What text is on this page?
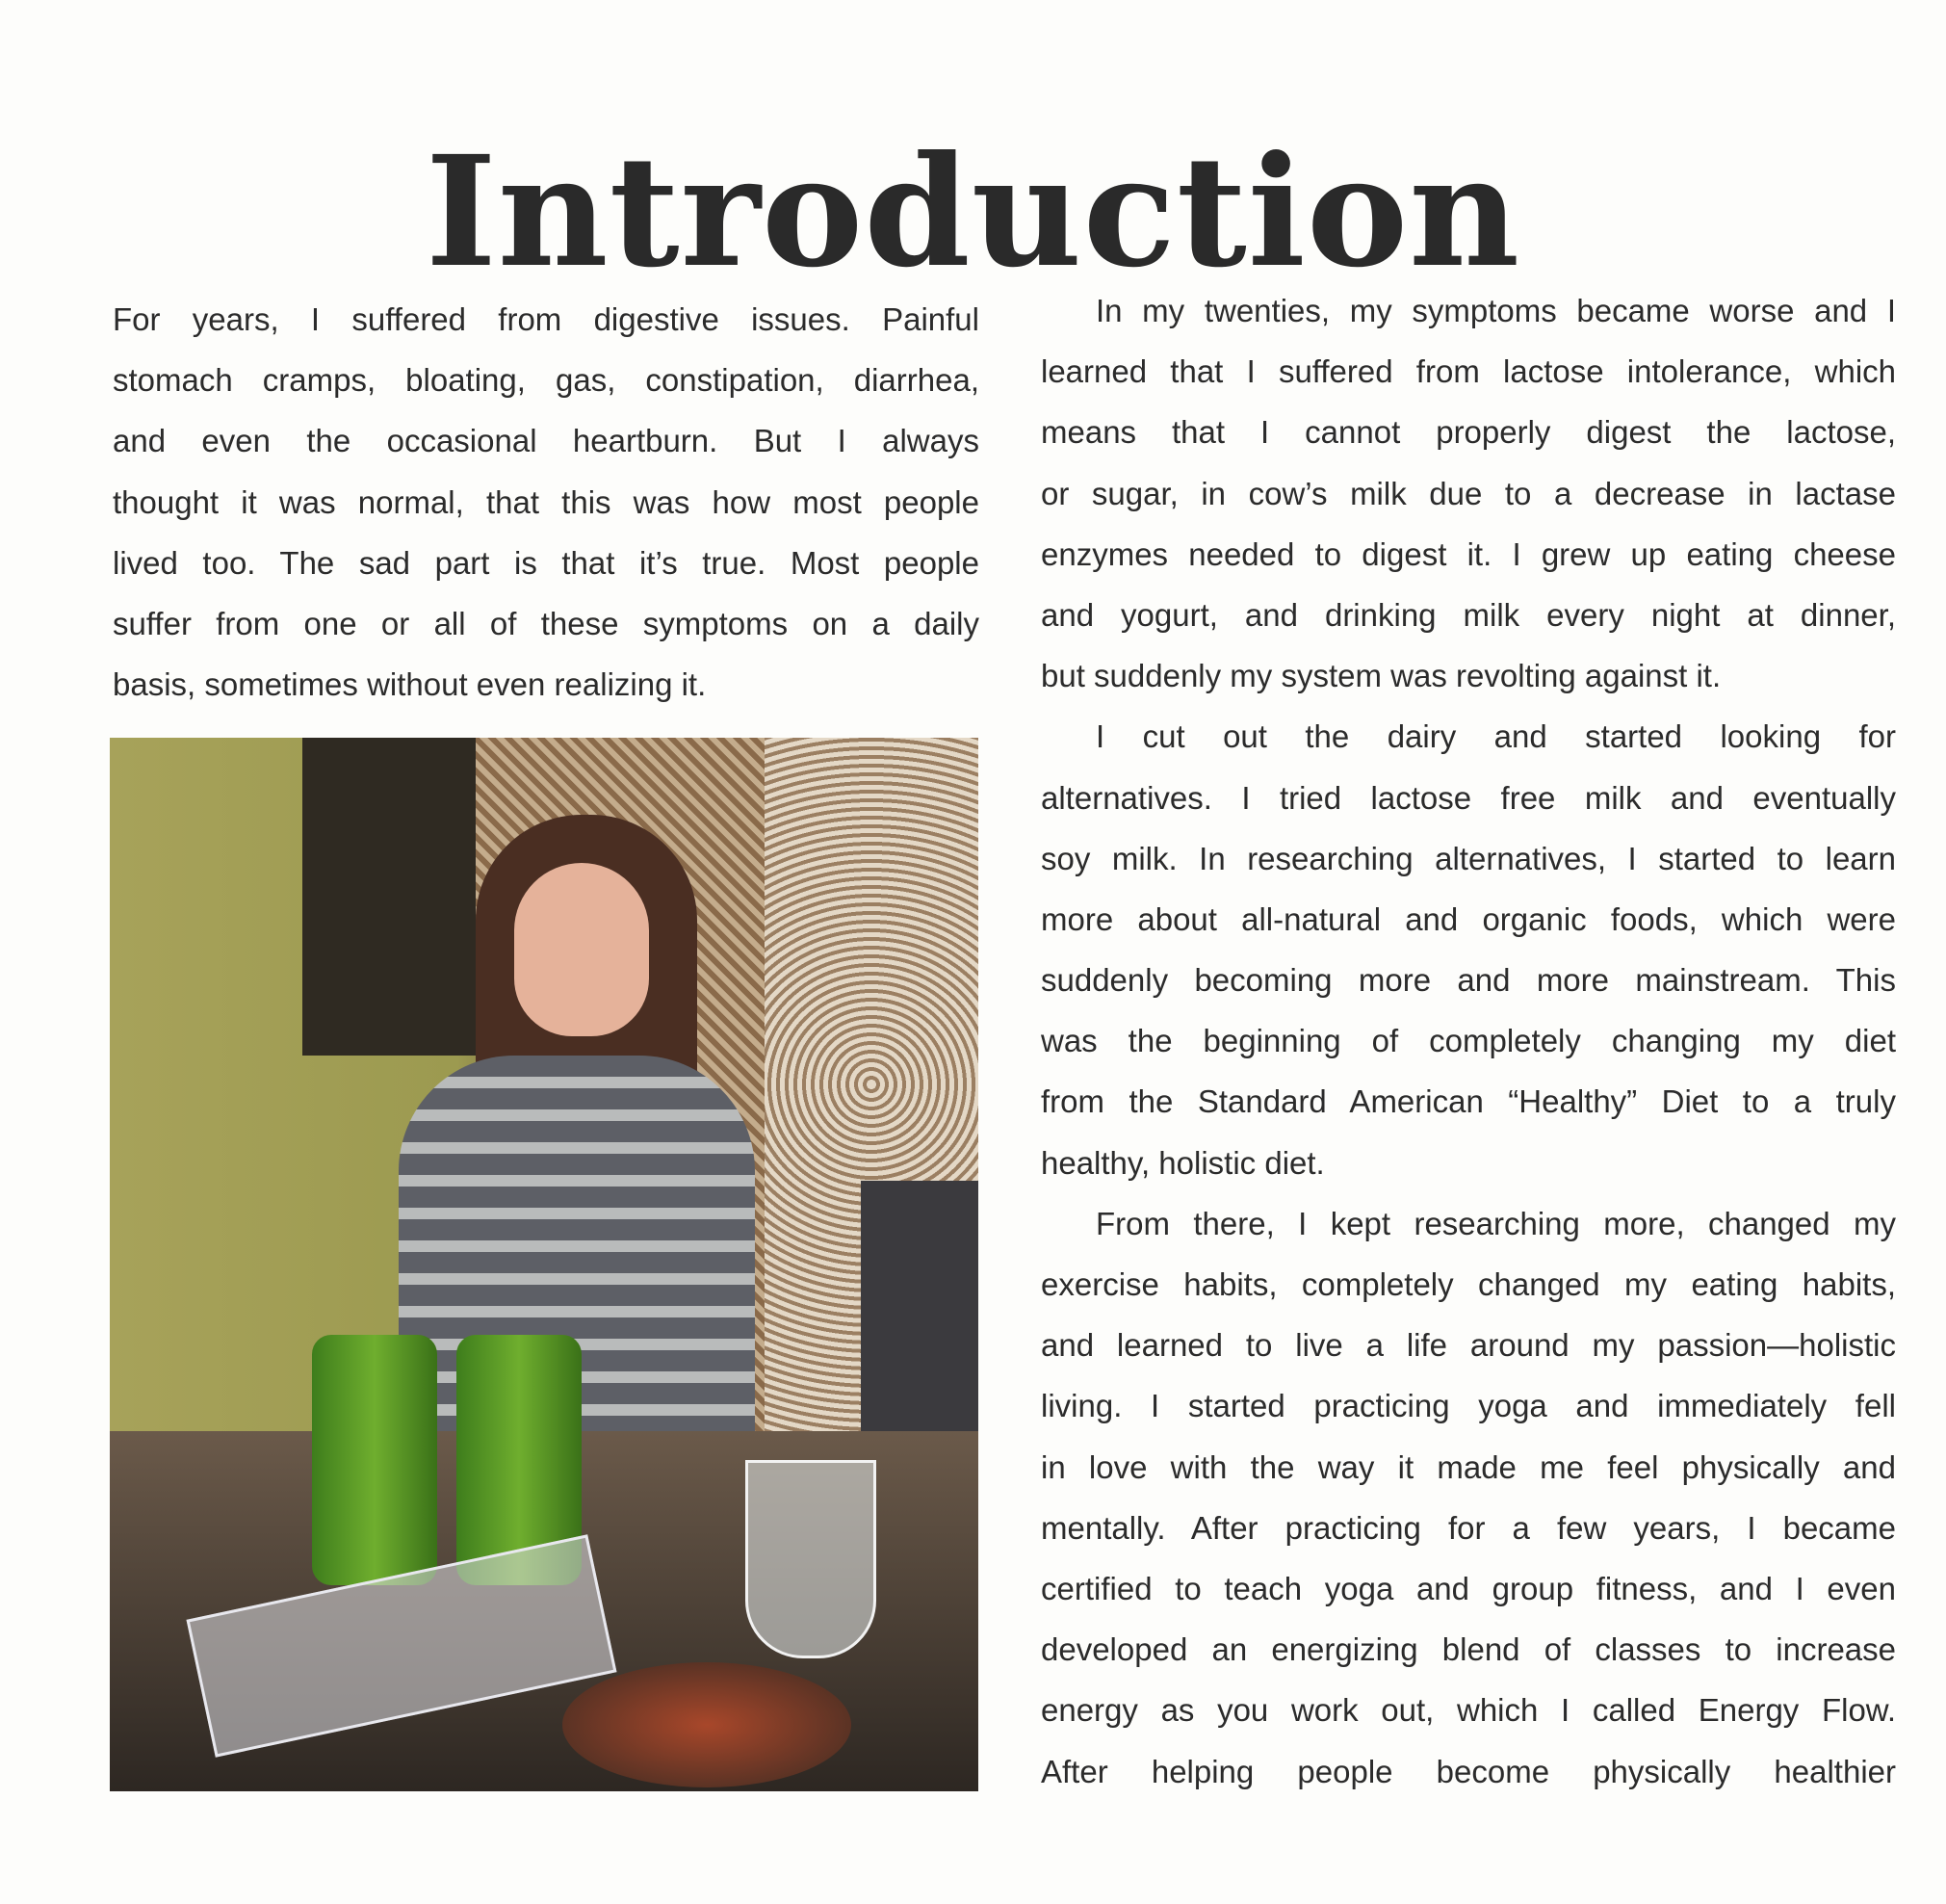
Introduction
For years, I suffered from digestive issues. Painful
stomach cramps, bloating, gas, constipation, diarrhea,
and even the occasional heartburn. But I always
thought it was normal, that this was how most people
lived too. The sad part is that it’s true. Most people
suffer from one or all of these symptoms on a daily
basis, sometimes without even realizing it.
In my twenties, my symptoms became worse and I
learned that I suffered from lactose intolerance, which
means that I cannot properly digest the lactose,
or sugar, in cow’s milk due to a decrease in lactase
enzymes needed to digest it. I grew up eating cheese
and yogurt, and drinking milk every night at dinner,
but suddenly my system was revolting against it.
I cut out the dairy and started looking for
alternatives. I tried lactose free milk and eventually
soy milk. In researching alternatives, I started to learn
more about all-natural and organic foods, which were
suddenly becoming more and more mainstream. This
was the beginning of completely changing my diet
from the Standard American “Healthy” Diet to a truly
healthy, holistic diet.
From there, I kept researching more, changed my
exercise habits, completely changed my eating habits,
and learned to live a life around my passion—holistic
living. I started practicing yoga and immediately fell
in love with the way it made me feel physically and
mentally. After practicing for a few years, I became
certified to teach yoga and group fitness, and I even
developed an energizing blend of classes to increase
energy as you work out, which I called Energy Flow.
After helping people become physically healthier
